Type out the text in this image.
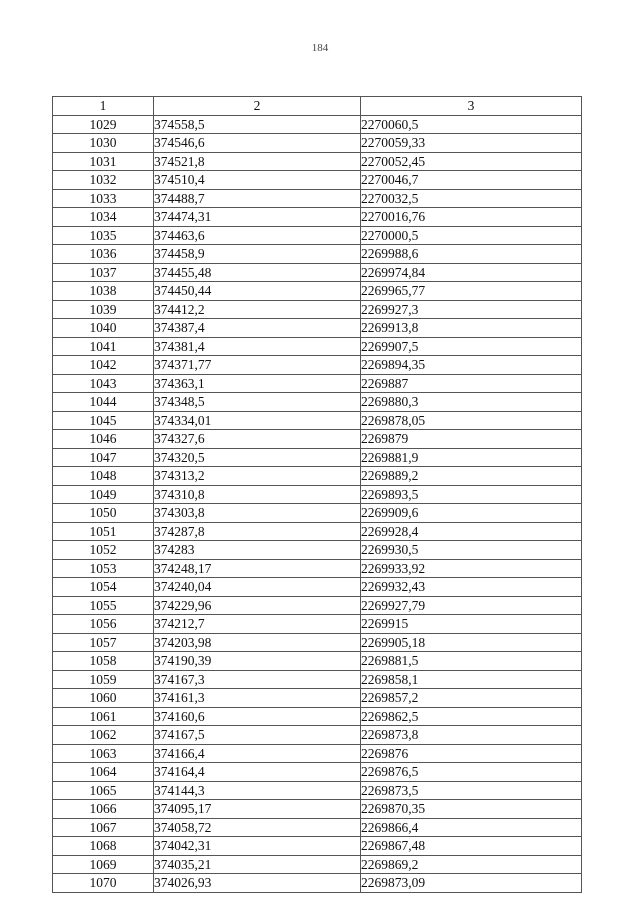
184
1	2	3
1029	374558,5	2270060,5
1030	374546,6	2270059,33
1031	374521,8	2270052,45
1032	374510,4	2270046,7
1033	374488,7	2270032,5
1034	374474,31	2270016,76
1035	374463,6	2270000,5
1036	374458,9	2269988,6
1037	374455,48	2269974,84
1038	374450,44	2269965,77
1039	374412,2	2269927,3
1040	374387,4	2269913,8
1041	374381,4	2269907,5
1042	374371,77	2269894,35
1043	374363,1	2269887
1044	374348,5	2269880,3
1045	374334,01	2269878,05
1046	374327,6	2269879
1047	374320,5	2269881,9
1048	374313,2	2269889,2
1049	374310,8	2269893,5
1050	374303,8	2269909,6
1051	374287,8	2269928,4
1052	374283	2269930,5
1053	374248,17	2269933,92
1054	374240,04	2269932,43
1055	374229,96	2269927,79
1056	374212,7	2269915
1057	374203,98	2269905,18
1058	374190,39	2269881,5
1059	374167,3	2269858,1
1060	374161,3	2269857,2
1061	374160,6	2269862,5
1062	374167,5	2269873,8
1063	374166,4	2269876
1064	374164,4	2269876,5
1065	374144,3	2269873,5
1066	374095,17	2269870,35
1067	374058,72	2269866,4
1068	374042,31	2269867,48
1069	374035,21	2269869,2
1070	374026,93	2269873,09
